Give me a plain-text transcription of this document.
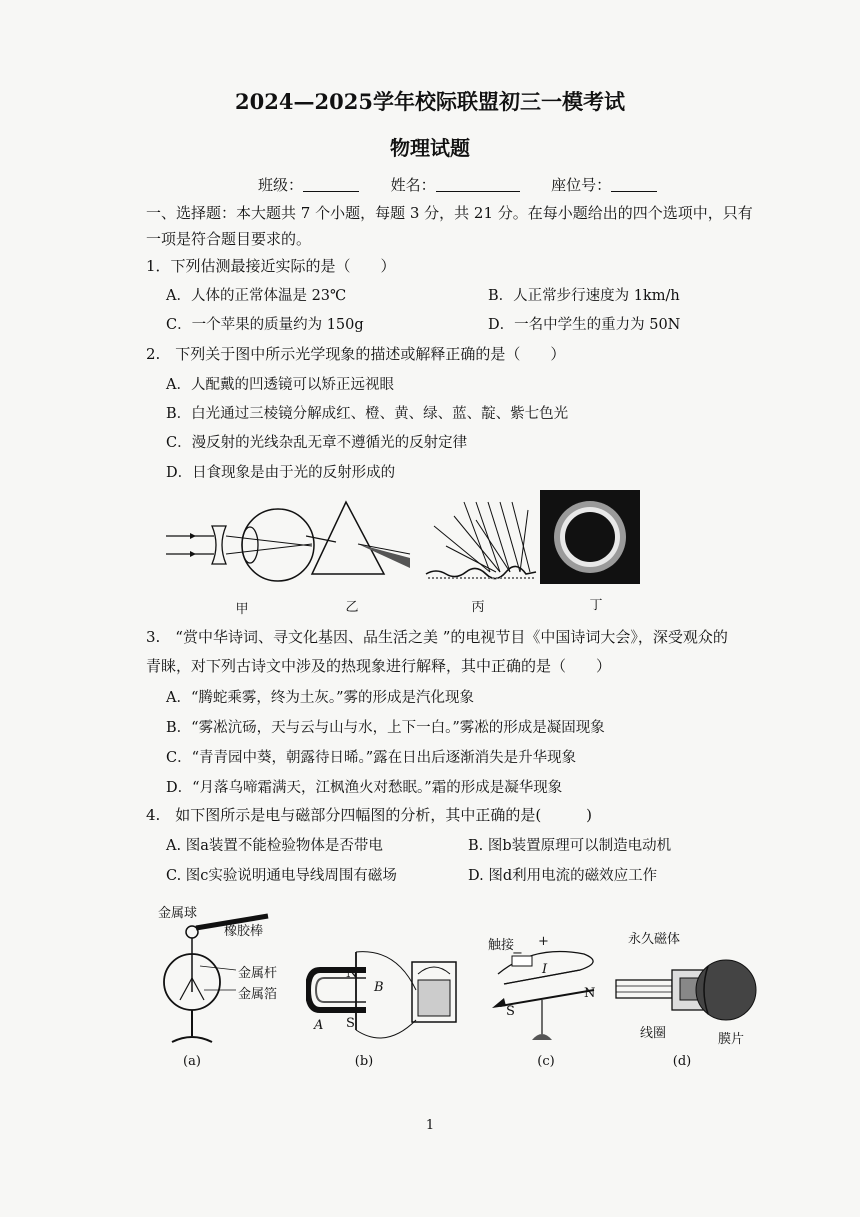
2024—2025学年校际联盟初三一模考试
物理试题
班级：	姓名：	座位号：
一、选择题：本大题共 7 个小题，每题 3 分，共 21 分。在每小题给出的四个选项中，只有
一项是符合题目要求的。
1．下列估测最接近实际的是（　　）
A．人体的正常体温是 23℃	B．人正常步行速度为 1km/h
C．一个苹果的质量约为 150g	D．一名中学生的重力为 50N
2.　下列关于图中所示光学现象的描述或解释正确的是（　　）
A．人配戴的凹透镜可以矫正远视眼
B．白光通过三棱镜分解成红、橙、黄、绿、蓝、靛、紫七色光
C．漫反射的光线杂乱无章不遵循光的反射定律
D．日食现象是由于光的反射形成的
甲	乙	丙	丁
3.　“赏中华诗词、寻文化基因、品生活之美 ”的电视节目《中国诗词大会》，深受观众的
青睐，对下列古诗文中涉及的热现象进行解释，其中正确的是（　　）
A．“腾蛇乘雾，终为土灰。”雾的形成是汽化现象
B．“雾凇沆砀，天与云与山与水，上下一白。”雾凇的形成是凝固现象
C．“青青园中葵，朝露待日晞。”露在日出后逐渐消失是升华现象
D．“月落乌啼霜满天，江枫渔火对愁眠。”霜的形成是凝华现象
4.　如下图所示是电与磁部分四幅图的分析，其中正确的是(　　　)
A. 图a装置不能检验物体是否带电	B. 图b装置原理可以制造电动机
C. 图c实验说明通电导线周围有磁场	D. 图d利用电流的磁效应工作
金属球
橡胶棒
金属杆
金属箔
N
S
A
B
触接
−
+
I
S
N
永久磁体
线圈	膜片
(a)	(b)	(c)	(d)
1
